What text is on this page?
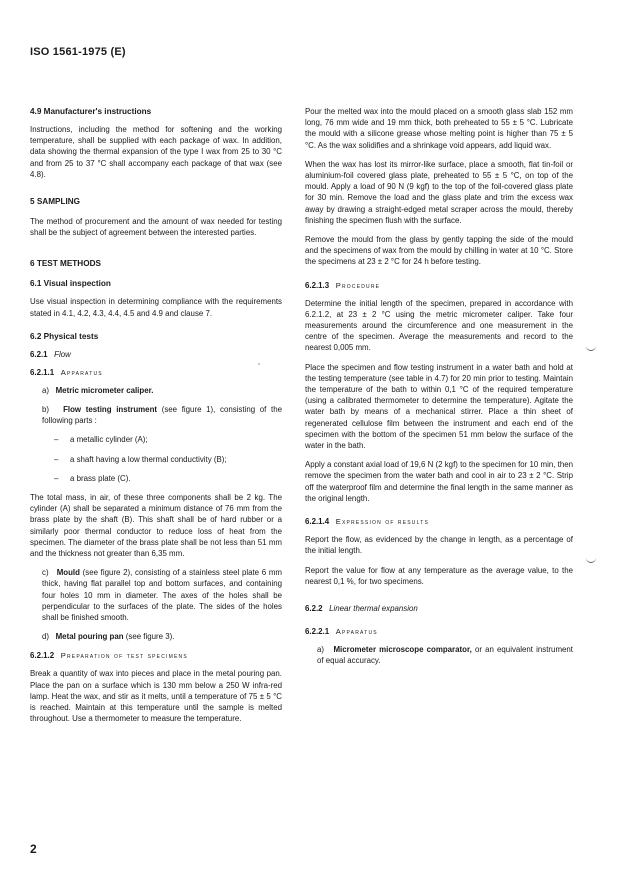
ISO 1561-1975 (E)
4.9 Manufacturer's instructions

Instructions, including the method for softening and the working temperature, shall be supplied with each package of wax. In addition, data showing the thermal expansion of the type I wax from 25 to 30 °C and from 25 to 37 °C shall accompany each package of that wax (see 4.8).

5 SAMPLING

The method of procurement and the amount of wax needed for testing shall be the subject of agreement between the interested parties.

6 TEST METHODS
6.1 Visual inspection

Use visual inspection in determining compliance with the requirements stated in 4.1, 4.2, 4.3, 4.4, 4.5 and 4.9 and clause 7.

6.2 Physical tests
6.2.1 Flow
6.2.1.1 Apparatus
a) Metric micrometer caliper.
b) Flow testing instrument (see figure 1), consisting of the following parts :
– a metallic cylinder (A);
– a shaft having a low thermal conductivity (B);
– a brass plate (C).

The total mass, in air, of these three components shall be 2 kg. The cylinder (A) shall be separated a minimum distance of 76 mm from the brass plate by the shaft (B). This shaft shall be of hard rubber or a similarly poor thermal conductor to reduce loss of heat from the specimen. The diameter of the brass plate shall be not less than 51 mm and the thickness not greater than 6,35 mm.

c) Mould (see figure 2), consisting of a stainless steel plate 6 mm thick, having flat parallel top and bottom surfaces, and containing four holes 10 mm in diameter. The axes of the holes shall be perpendicular to the surfaces of the plate. The sides of the holes shall be finished smooth.
d) Metal pouring pan (see figure 3).
6.2.1.2 Preparation of test specimens

Break a quantity of wax into pieces and place in the metal pouring pan. Place the pan on a surface which is 130 mm below a 250 W infra-red lamp. Heat the wax, and stir as it melts, until a temperature of 75 ± 5 °C is reached. Maintain at this temperature until the sample is melted throughout. Use a thermometer to measure the temperature.

Pour the melted wax into the mould placed on a smooth glass slab 152 mm long, 76 mm wide and 19 mm thick, both preheated to 55 ± 5 °C. Lubricate the mould with a silicone grease whose melting point is higher than 75 ± 5 °C. As the wax solidifies and a shrinkage void appears, add liquid wax.

When the wax has lost its mirror-like surface, place a smooth, flat tin-foil or aluminium-foil covered glass plate, preheated to 55 ± 5 °C, on top of the mould. Apply a load of 90 N (9 kgf) to the top of the foil-covered glass plate for 30 min. Remove the load and the glass plate and trim the excess wax away by drawing a straight-edged metal scraper across the mould, thereby finishing the specimen flush with the surface.

Remove the mould from the glass by gently tapping the side of the mould and the specimens of wax from the mould by chilling in water at 10 °C. Store the specimens at 23 ± 2 °C for 24 h before testing.

6.2.1.3 Procedure

Determine the initial length of the specimen, prepared in accordance with 6.2.1.2, at 23 ± 2 °C using the metric micrometer caliper. Take four measurements around the circumference and one measurement in the centre of the specimen. Average the measurements and record to the nearest 0,005 mm.

Place the specimen and flow testing instrument in a water bath and hold at the testing temperature (see table in 4.7) for 20 min prior to testing. Maintain the temperature of the bath to within 0,1 °C of the required temperature (using a calibrated thermometer to determine the temperature). Agitate the water bath by means of a mechanical stirrer. Place a thin sheet of regenerated cellulose film between the instrument and each end of the specimen with the bottom of the specimen 51 mm below the surface of the water in the bath.

Apply a constant axial load of 19,6 N (2 kgf) to the specimen for 10 min, then remove the specimen from the water bath and cool in air to 23 ± 2 °C. Strip off the waterproof film and determine the final length in the same manner as the original length.

6.2.1.4 Expression of results

Report the flow, as evidenced by the change in length, as a percentage of the initial length.

Report the value for flow at any temperature as the average value, to the nearest 0,1 %, for two specimens.

6.2.2 Linear thermal expansion
6.2.2.1 Apparatus
a) Micrometer microscope comparator, or an equivalent instrument of equal accuracy.

2
